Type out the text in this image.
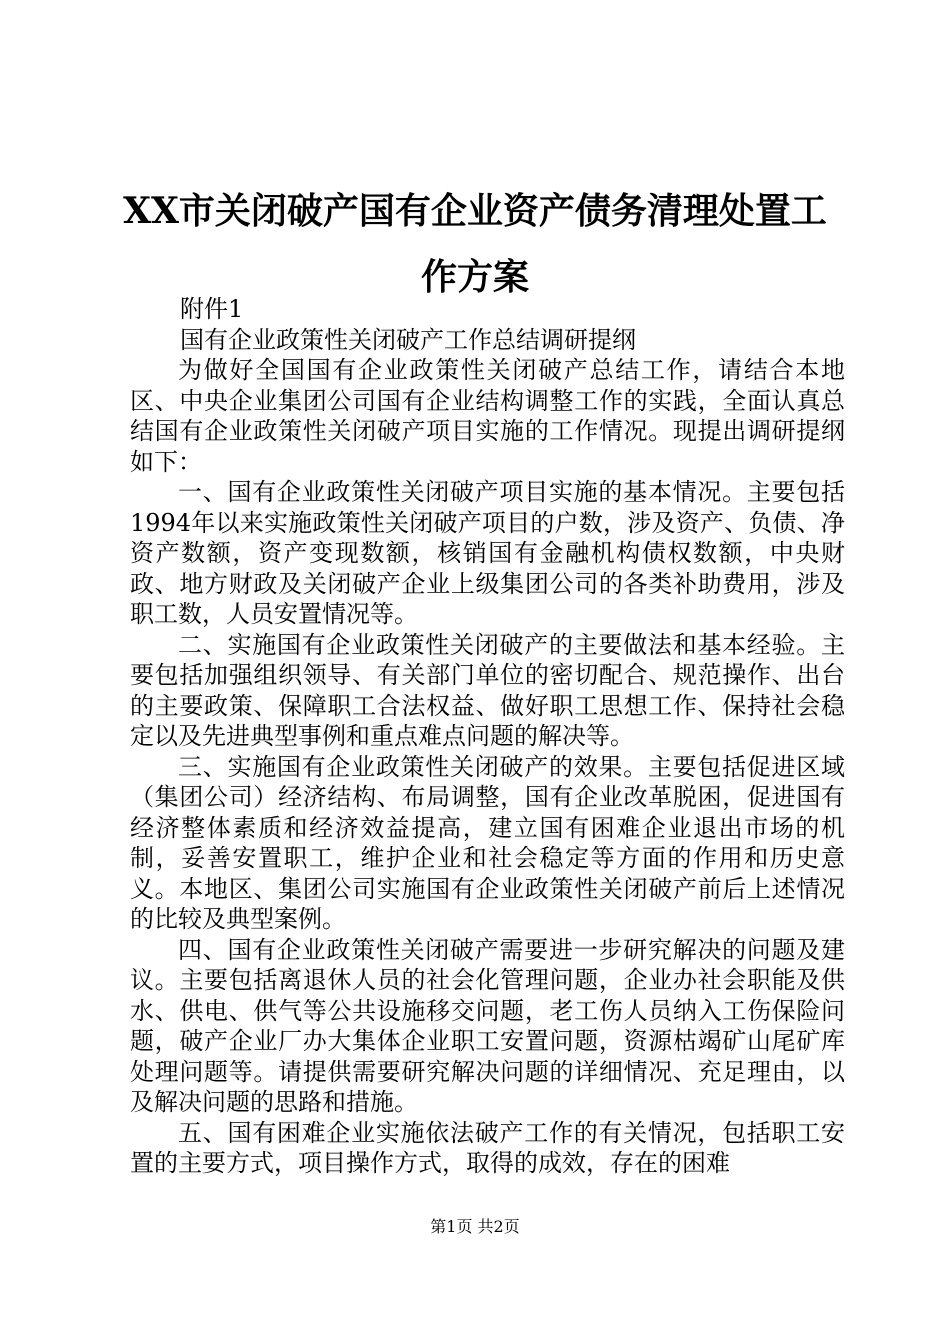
XX市关闭破产国有企业资产债务清理处置工作方案

附件1

国有企业政策性关闭破产工作总结调研提纲

为做好全国国有企业政策性关闭破产总结工作，请结合本地区、中央企业集团公司国有企业结构调整工作的实践，全面认真总结国有企业政策性关闭破产项目实施的工作情况。现提出调研提纲如下：

一、国有企业政策性关闭破产项目实施的基本情况。主要包括1994年以来实施政策性关闭破产项目的户数，涉及资产、负债、净资产数额，资产变现数额，核销国有金融机构债权数额，中央财政、地方财政及关闭破产企业上级集团公司的各类补助费用，涉及职工数，人员安置情况等。

二、实施国有企业政策性关闭破产的主要做法和基本经验。主要包括加强组织领导、有关部门单位的密切配合、规范操作、出台的主要政策、保障职工合法权益、做好职工思想工作、保持社会稳定以及先进典型事例和重点难点问题的解决等。

三、实施国有企业政策性关闭破产的效果。主要包括促进区域（集团公司）经济结构、布局调整，国有企业改革脱困，促进国有经济整体素质和经济效益提高，建立国有困难企业退出市场的机制，妥善安置职工，维护企业和社会稳定等方面的作用和历史意义。本地区、集团公司实施国有企业政策性关闭破产前后上述情况的比较及典型案例。

四、国有企业政策性关闭破产需要进一步研究解决的问题及建议。主要包括离退休人员的社会化管理问题，企业办社会职能及供水、供电、供气等公共设施移交问题，老工伤人员纳入工伤保险问题，破产企业厂办大集体企业职工安置问题，资源枯竭矿山尾矿库处理问题等。请提供需要研究解决问题的详细情况、充足理由，以及解决问题的思路和措施。

五、国有困难企业实施依法破产工作的有关情况，包括职工安置的主要方式，项目操作方式，取得的成效，存在的困难

第1页 共2页
